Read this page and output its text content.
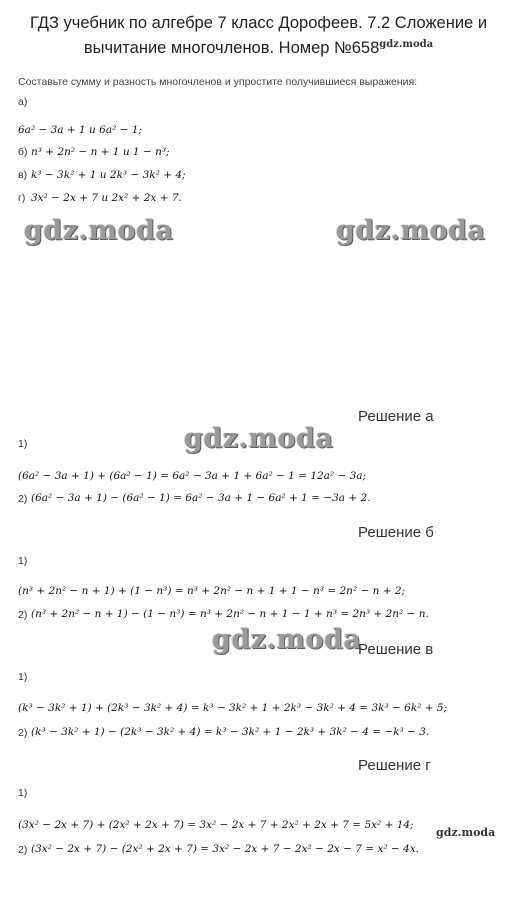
ГДЗ учебник по алгебре 7 класс Дорофеев. 7.2 Сложение и
вычитание многочленов. Номер $№658^{gdz.moda}$
Составьте сумму и разность многочленов и упростите получившиеся выражения:
а)
6a² − 3a + 1 и 6a² − 1;
б) n³ + 2n² − n + 1 и 1 − n³;
в) k³ − 3k² + 1 и 2k³ − 3k² + 4;
г) 3x² − 2x + 7 и 2x² + 2x + 7.
gdz.moda	gdz.moda
Решение а
gdz.moda
1)
(6a² − 3a + 1) + (6a² − 1) = 6a² − 3a + 1 + 6a² − 1 = 12a² − 3a;
2) (6a² − 3a + 1) − (6a² − 1) = 6a² − 3a + 1 − 6a² + 1 = −3a + 2.
Решение б
1)
(n³ + 2n² − n + 1) + (1 − n³) = n³ + 2n² − n + 1 + 1 − n³ = 2n² − n + 2;
2) (n³ + 2n² − n + 1) − (1 − n³) = n³ + 2n² − n + 1 − 1 + n³ = 2n³ + 2n² − n.
gdz.moda
Решение в
1)
(k³ − 3k² + 1) + (2k³ − 3k² + 4) = k³ − 3k² + 1 + 2k³ − 3k² + 4 = 3k³ − 6k² + 5;
2) (k³ − 3k² + 1) − (2k³ − 3k² + 4) = k³ − 3k² + 1 − 2k³ + 3k² − 4 = −k³ − 3.
Решение г
1)
(3x² − 2x + 7) + (2x² + 2x + 7) = 3x² − 2x + 7 + 2x² + 2x + 7 = 5x² + 14;
gdz.moda
2) (3x² − 2x + 7) − (2x² + 2x + 7) = 3x² − 2x + 7 − 2x² − 2x − 7 = x² − 4x.
